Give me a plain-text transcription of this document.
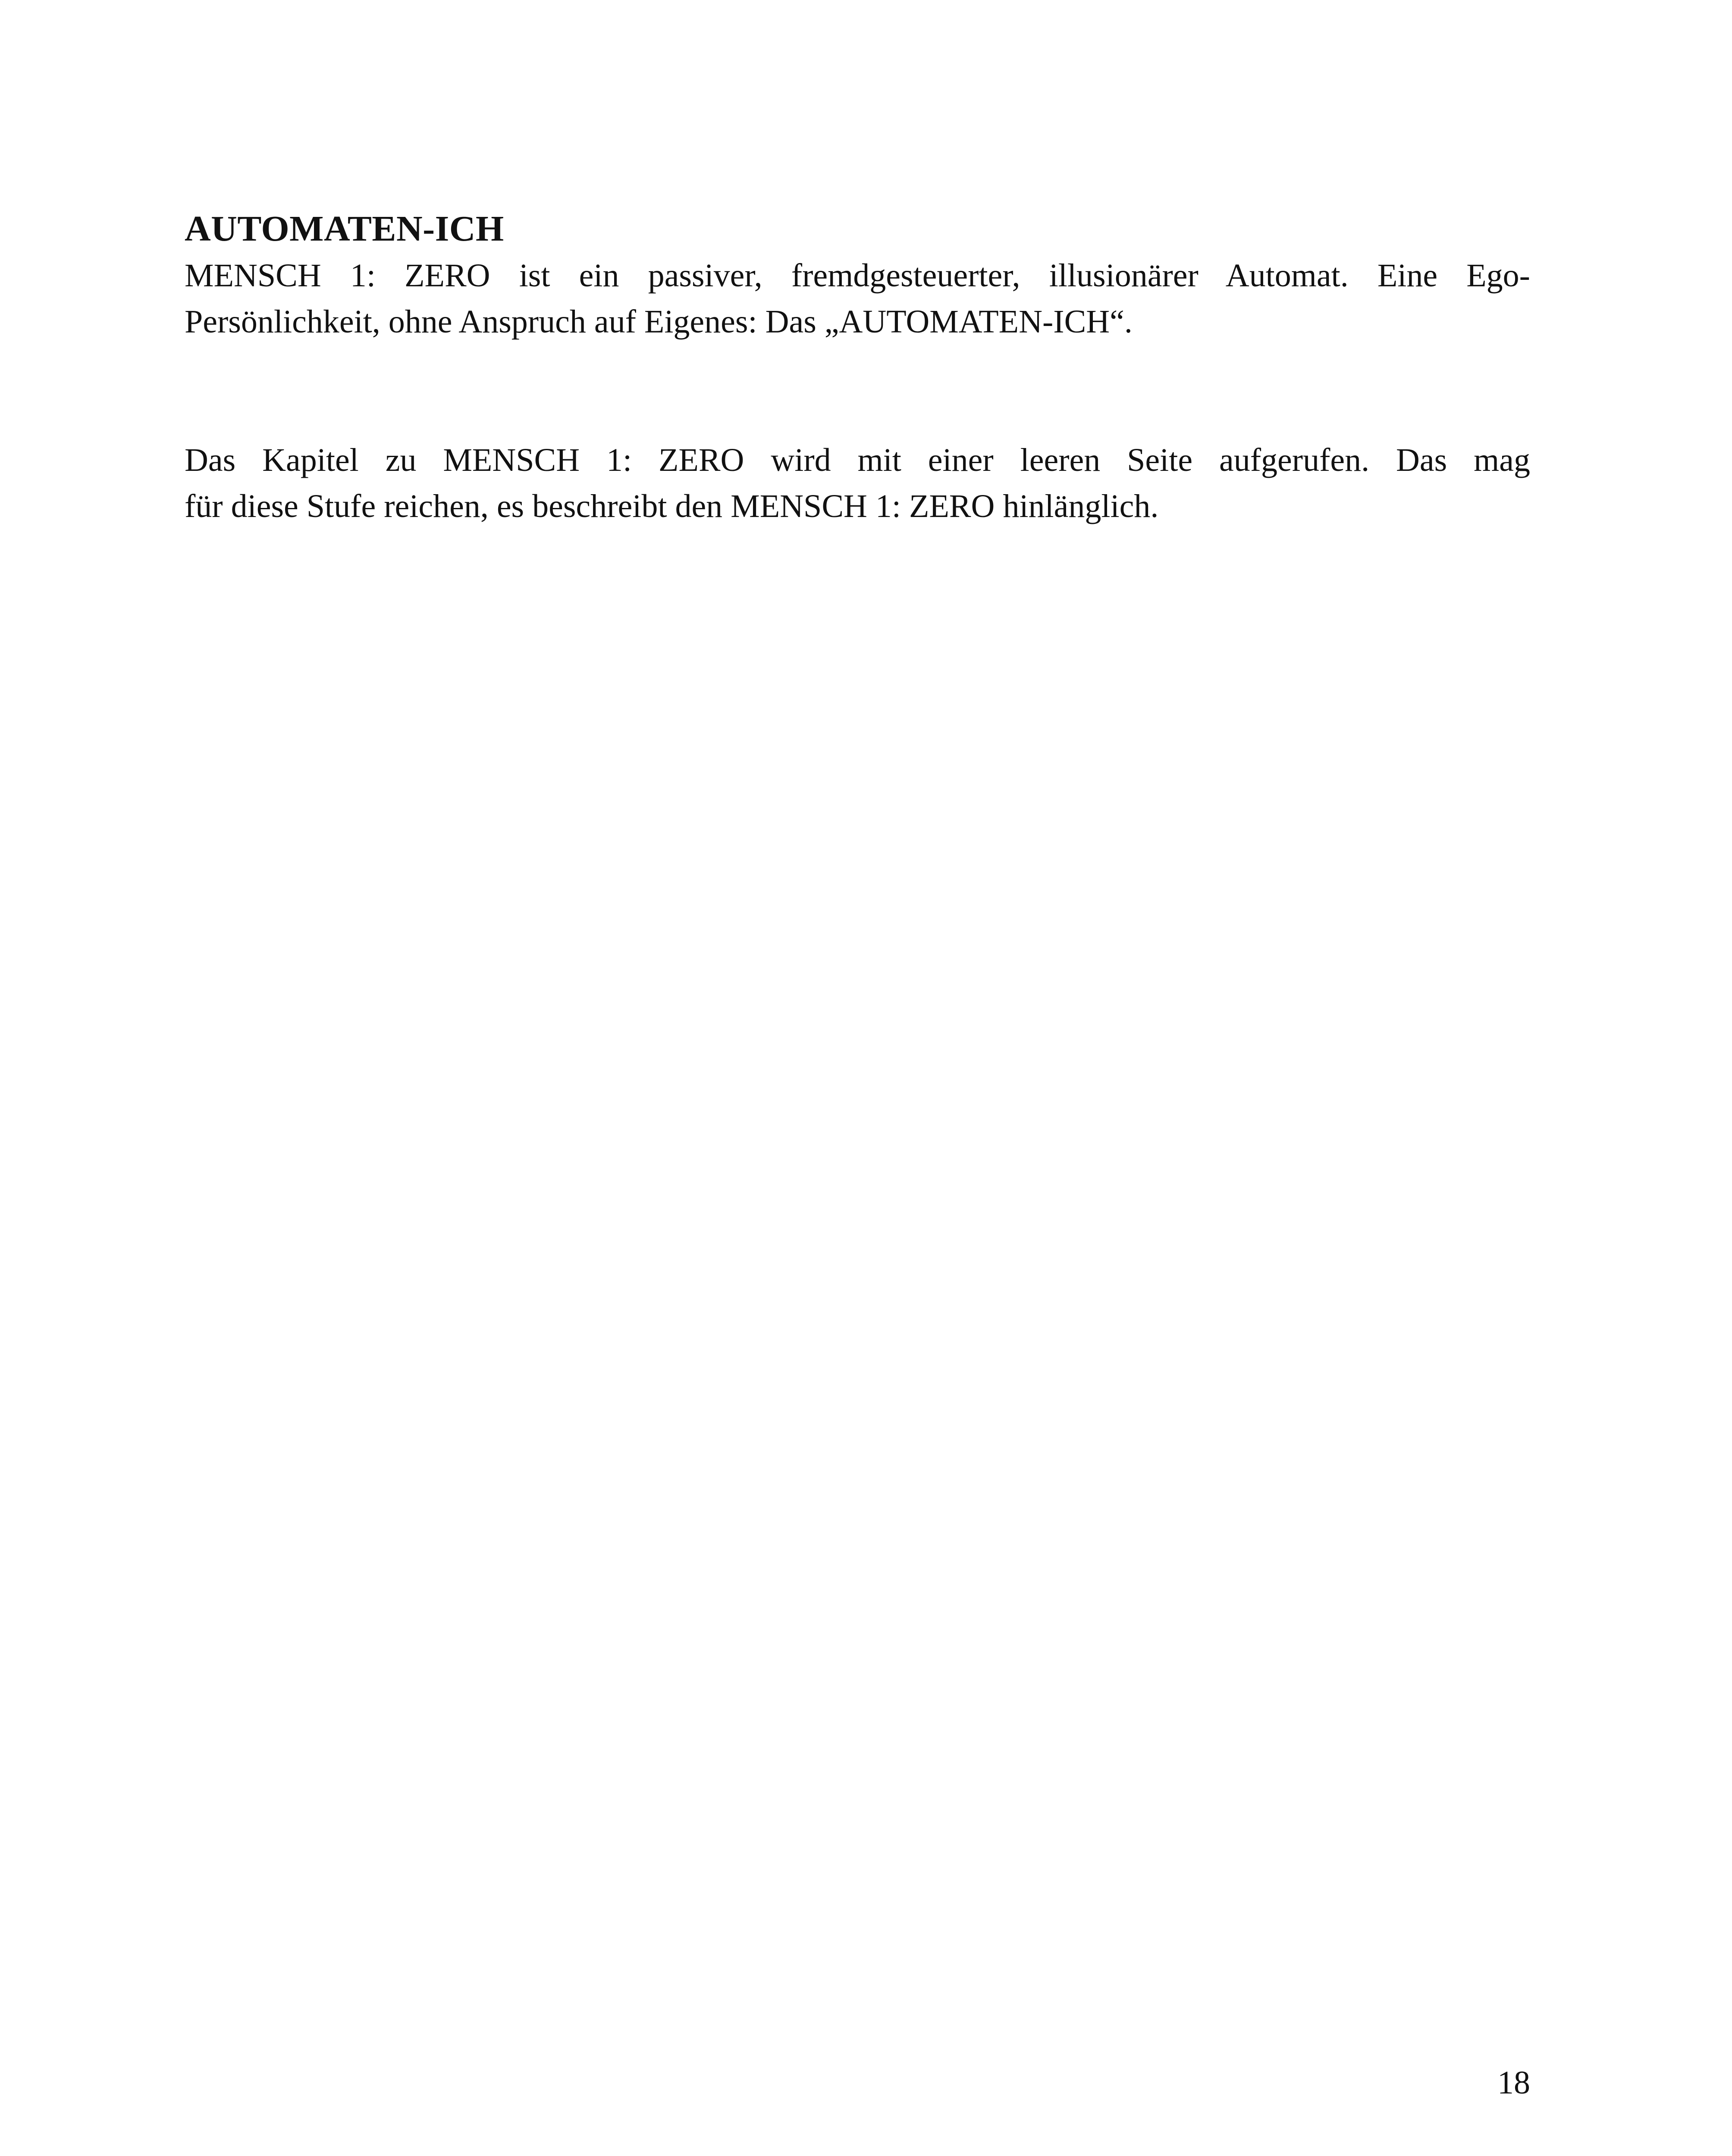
AUTOMATEN-ICH

MENSCH 1: ZERO ist ein passiver, fremdgesteuerter, illusionärer Automat. Eine Ego-
Persönlichkeit, ohne Anspruch auf Eigenes: Das „AUTOMATEN-ICH“.

Das Kapitel zu MENSCH 1: ZERO wird mit einer leeren Seite aufgerufen. Das mag
für diese Stufe reichen, es beschreibt den MENSCH 1: ZERO hinlänglich.

18
